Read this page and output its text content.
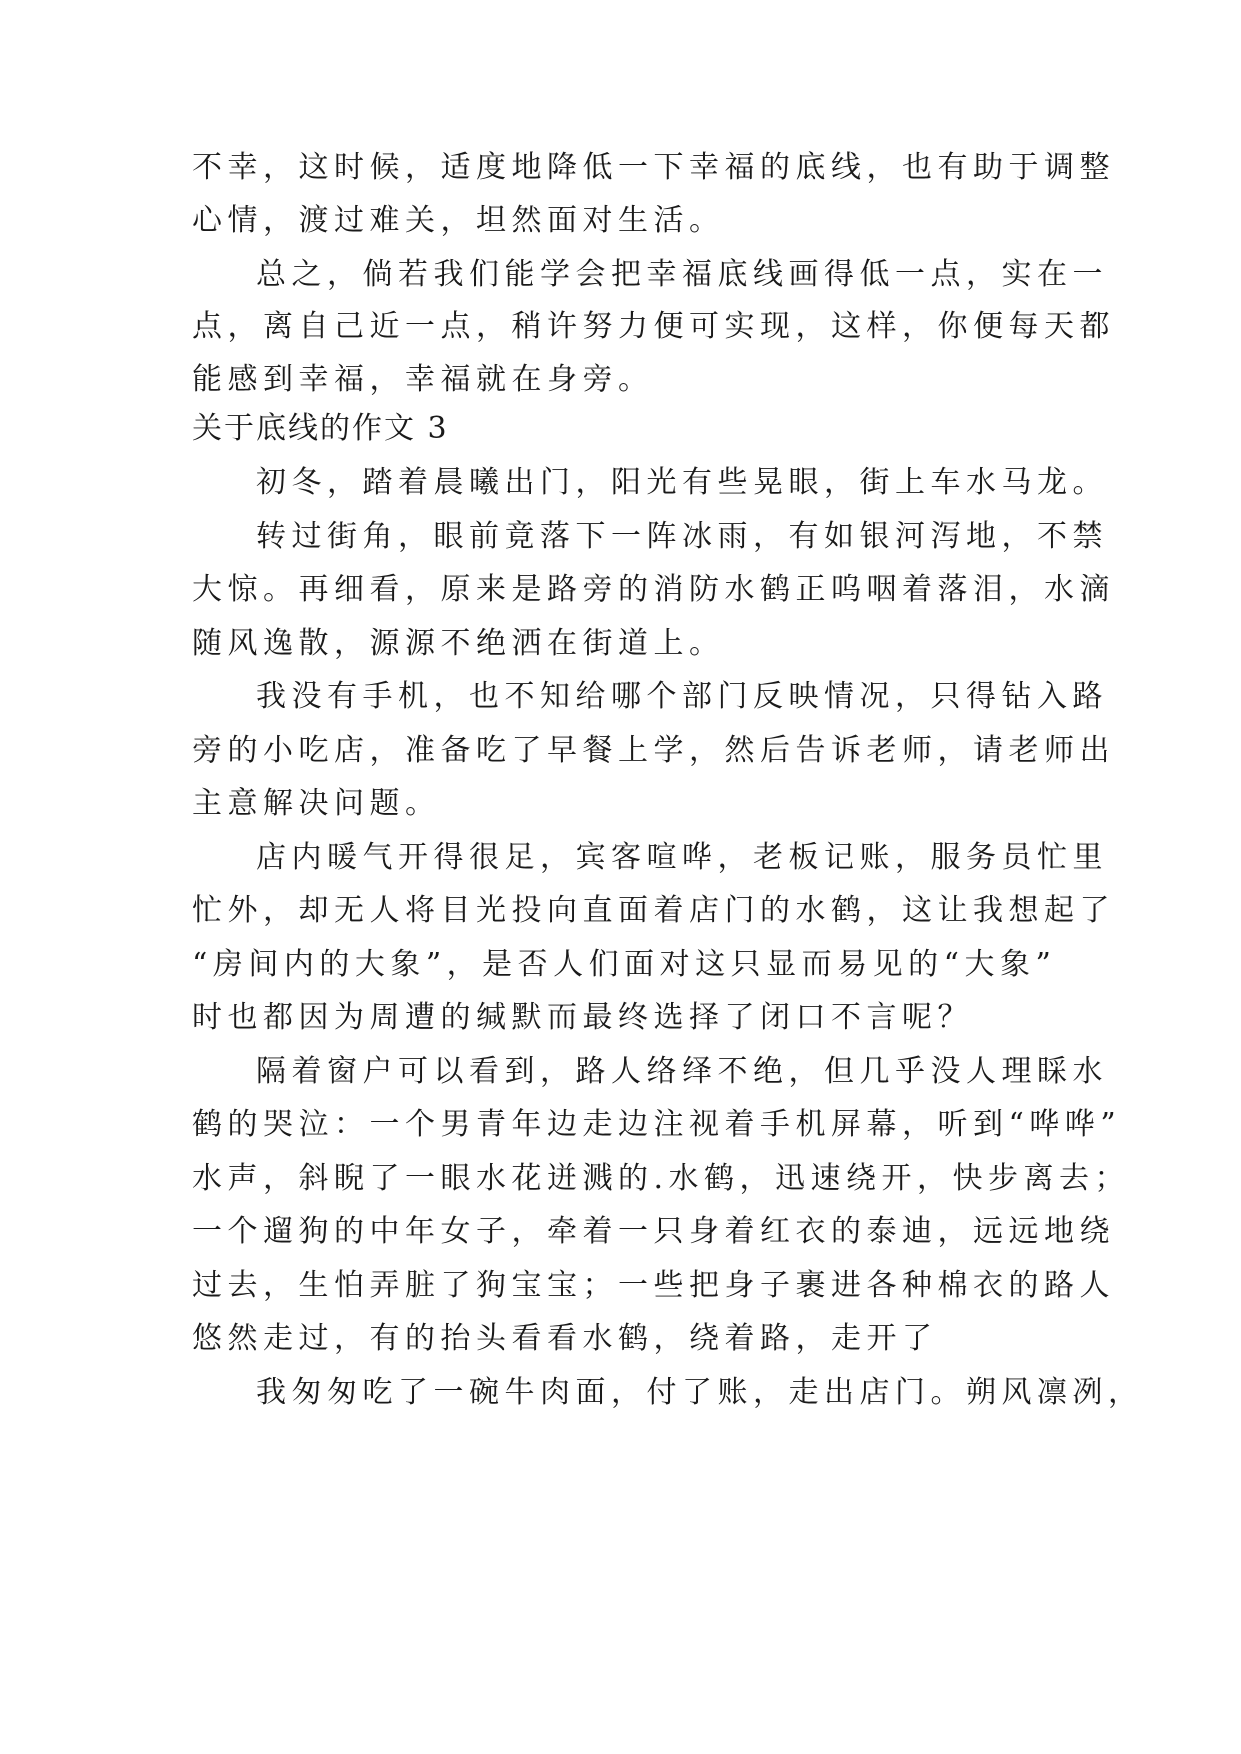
不幸，这时候，适度地降低一下幸福的底线，也有助于调整
心情，渡过难关，坦然面对生活。
总之，倘若我们能学会把幸福底线画得低一点，实在一
点，离自己近一点，稍许努力便可实现，这样，你便每天都
能感到幸福，幸福就在身旁。
关于底线的作文 3
初冬，踏着晨曦出门，阳光有些晃眼，街上车水马龙。
转过街角，眼前竟落下一阵冰雨，有如银河泻地，不禁
大惊。再细看，原来是路旁的消防水鹤正呜咽着落泪，水滴
随风逸散，源源不绝洒在街道上。
我没有手机，也不知给哪个部门反映情况，只得钻入路
旁的小吃店，准备吃了早餐上学，然后告诉老师，请老师出
主意解决问题。
店内暖气开得很足，宾客喧哗，老板记账，服务员忙里
忙外，却无人将目光投向直面着店门的水鹤，这让我想起了
“房间内的大象”，是否人们面对这只显而易见的“大象”
时也都因为周遭的缄默而最终选择了闭口不言呢？
隔着窗户可以看到，路人络绎不绝，但几乎没人理睬水
鹤的哭泣：一个男青年边走边注视着手机屏幕，听到“哗哗”
水声，斜睨了一眼水花迸溅的.水鹤，迅速绕开，快步离去；
一个遛狗的中年女子，牵着一只身着红衣的泰迪，远远地绕
过去，生怕弄脏了狗宝宝；一些把身子裹进各种棉衣的路人
悠然走过，有的抬头看看水鹤，绕着路，走开了
我匆匆吃了一碗牛肉面，付了账，走出店门。朔风凛冽，
